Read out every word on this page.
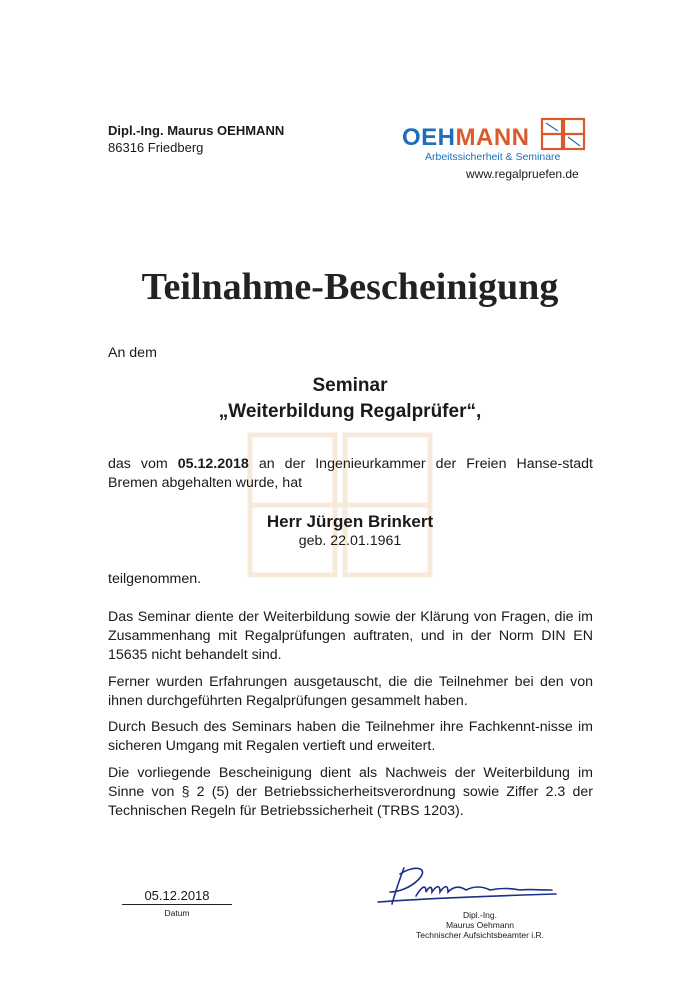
Dipl.-Ing. Maurus OEHMANN
86316 Friedberg	OEHMANN
Arbeitssicherheit & Seminare
www.regalpruefen.de
Teilnahme-Bescheinigung
An dem
Seminar
„Weiterbildung Regalprüfer“,
das vom 05.12.2018 an der Ingenieurkammer der Freien Hanse-stadt Bremen abgehalten wurde, hat
Herr Jürgen Brinkert
geb. 22.01.1961
teilgenommen.
Das Seminar diente der Weiterbildung sowie der Klärung von Fragen, die im Zusammenhang mit Regalprüfungen auftraten, und in der Norm DIN EN 15635 nicht behandelt sind.
Ferner wurden Erfahrungen ausgetauscht, die die Teilnehmer bei den von ihnen durchgeführten Regalprüfungen gesammelt haben.
Durch Besuch des Seminars haben die Teilnehmer ihre Fachkennt-nisse im sicheren Umgang mit Regalen vertieft und erweitert.
Die vorliegende Bescheinigung dient als Nachweis der Weiterbildung im Sinne von § 2 (5) der Betriebssicherheitsverordnung sowie Ziffer 2.3 der Technischen Regeln für Betriebssicherheit (TRBS 1203).
05.12.2018
Datum	Dipl.-Ing.
Maurus Oehmann
Technischer Aufsichtsbeamter i.R.
